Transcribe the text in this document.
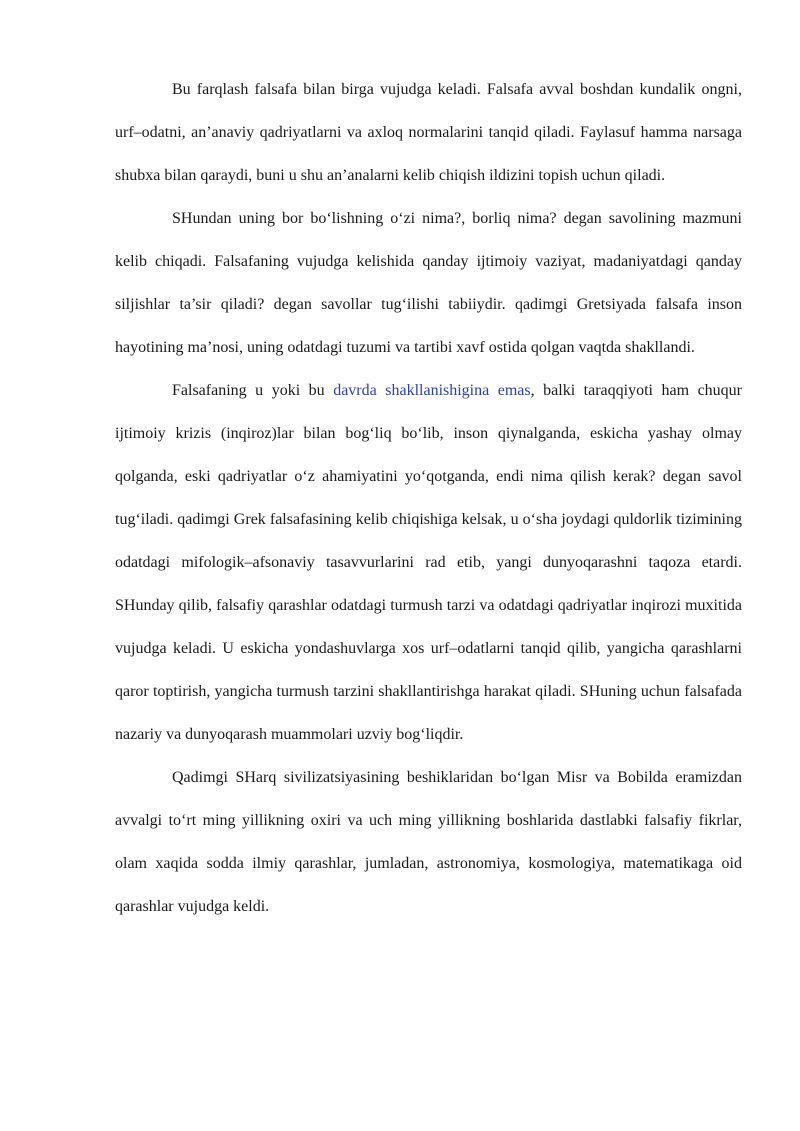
Bu farqlash falsafa bilan birga vujudga keladi. Falsafa avval boshdan kundalik ongni, urf–odatni, an’anaviy qadriyatlarni va axloq normalarini tanqid qiladi. Faylasuf hamma narsaga shubxa bilan qaraydi, buni u shu an’analarni kelib chiqish ildizini topish uchun qiladi.

SHundan uning bor bo‘lishning o‘zi nima?, borliq nima? degan savolining mazmuni kelib chiqadi. Falsafaning vujudga kelishida qanday ijtimoiy vaziyat, madaniyatdagi qanday siljishlar ta’sir qiladi? degan savollar tug‘ilishi tabiiydir. qadimgi Gretsiyada falsafa inson hayotining ma’nosi, uning odatdagi tuzumi va tartibi xavf ostida qolgan vaqtda shakllandi.

Falsafaning u yoki bu davrda shakllanishigina emas, balki taraqqiyoti ham chuqur ijtimoiy krizis (inqiroz)lar bilan bog‘liq bo‘lib, inson qiynalganda, eskicha yashay olmay qolganda, eski qadriyatlar o‘z ahamiyatini yo‘qotganda, endi nima qilish kerak? degan savol tug‘iladi. qadimgi Grek falsafasining kelib chiqishiga kelsak, u o‘sha joydagi quldorlik tizimining odatdagi mifologik–afsonaviy tasavvurlarini rad etib, yangi dunyoqarashni taqoza etardi. SHunday qilib, falsafiy qarashlar odatdagi turmush tarzi va odatdagi qadriyatlar inqirozi muxitida vujudga keladi. U eskicha yondashuvlarga xos urf–odatlarni tanqid qilib, yangicha qarashlarni qaror toptirish, yangicha turmush tarzini shakllantirishga harakat qiladi. SHuning uchun falsafada nazariy va dunyoqarash muammolari uzviy bog‘liqdir.

Qadimgi SHarq sivilizatsiyasining beshiklaridan bo‘lgan Misr va Bobilda eramizdan avvalgi to‘rt ming yillikning oxiri va uch ming yillikning boshlarida dastlabki falsafiy fikrlar, olam xaqida sodda ilmiy qarashlar, jumladan, astronomiya, kosmologiya, matematikaga oid qarashlar vujudga keldi.
